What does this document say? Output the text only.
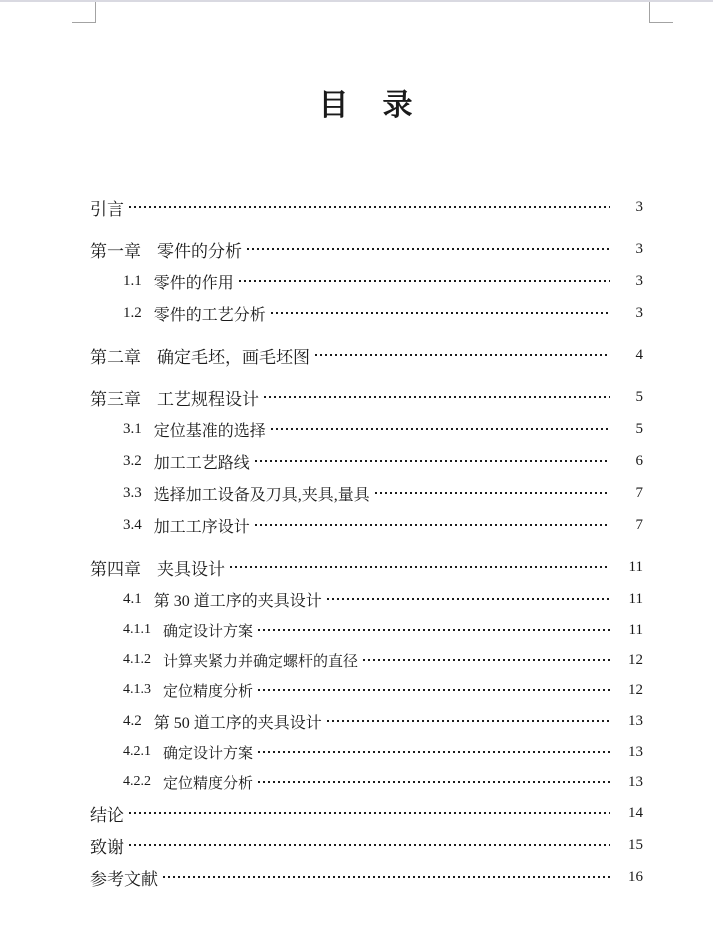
目　录
引言	3
第一章 零件的分析	3
1.1 零件的作用	3
1.2 零件的工艺分析	3
第二章 确定毛坯，画毛坯图	4
第三章 工艺规程设计	5
3.1 定位基准的选择	5
3.2 加工工艺路线	6
3.3 选择加工设备及刀具,夹具,量具	7
3.4 加工工序设计	7
第四章 夹具设计	11
4.1 第 30 道工序的夹具设计	11
4.1.1 确定设计方案	11
4.1.2 计算夹紧力并确定螺杆的直径	12
4.1.3 定位精度分析	12
4.2 第 50 道工序的夹具设计	13
4.2.1 确定设计方案	13
4.2.2 定位精度分析	13
结论	14
致谢	15
参考文献	16
